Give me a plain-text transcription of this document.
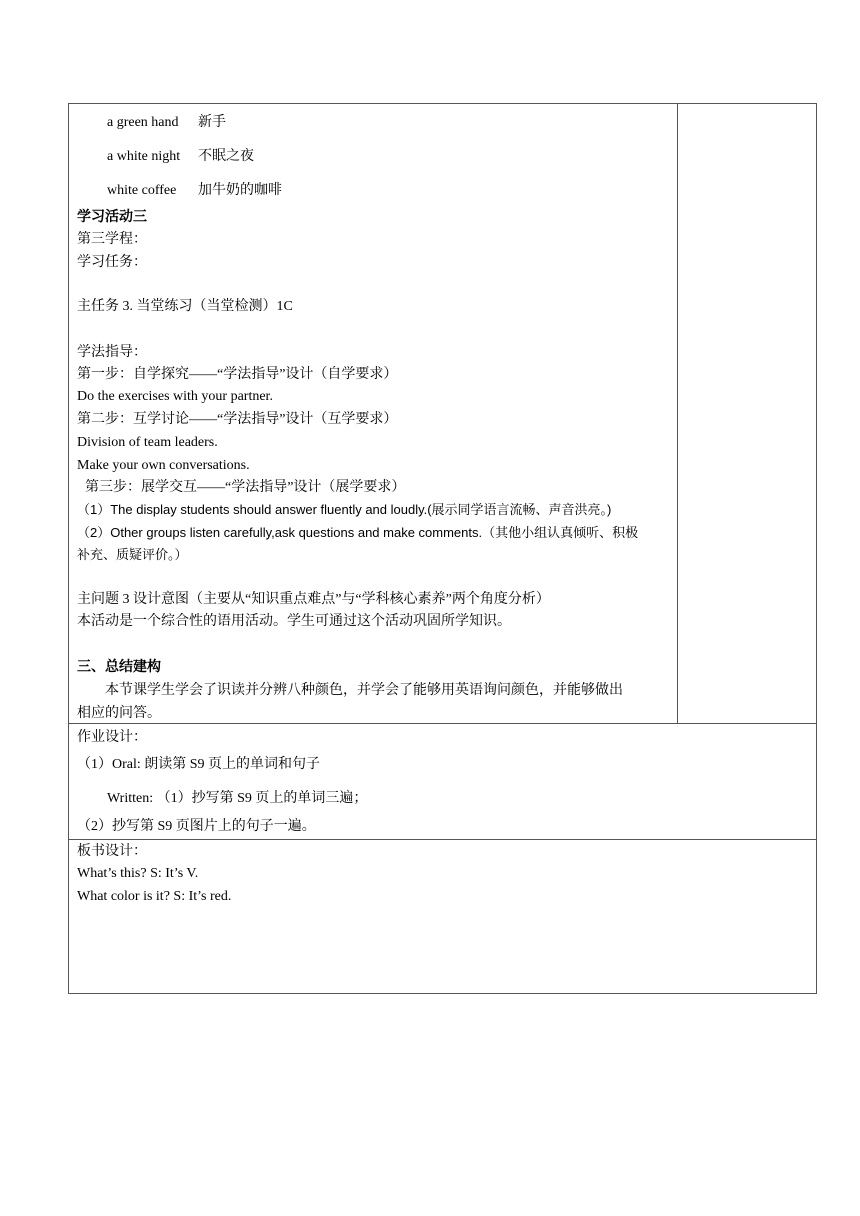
a green hand 新手
a white night 不眠之夜
white coffee 加牛奶的咖啡
学习活动三
第三学程：
学习任务：
主任务 3. 当堂练习（当堂检测）1C
学法指导：
第一步：自学探究——“学法指导”设计（自学要求）
Do the exercises with your partner.
第二步：互学讨论——“学法指导”设计（互学要求）
Division of team leaders.
Make your own conversations.
第三步：展学交互——“学法指导”设计（展学要求）
（1）The display students should answer fluently and loudly.(展示同学语言流畅、声音洪亮。)
（2）Other groups listen carefully,ask questions and make comments.（其他小组认真倾听、积极
补充、质疑评价。）
主问题 3 设计意图（主要从“知识重点难点”与“学科核心素养”两个角度分析）
本活动是一个综合性的语用活动。学生可通过这个活动巩固所学知识。
三、总结建构
本节课学生学会了识读并分辨八种颜色，并学会了能够用英语询问颜色，并能够做出
相应的问答。
作业设计：
（1）Oral: 朗读第 S9 页上的单词和句子
Written: （1）抄写第 S9 页上的单词三遍；
（2）抄写第 S9 页图片上的句子一遍。
板书设计：
What’s this? S: It’s V.
What color is it? S: It’s red.
